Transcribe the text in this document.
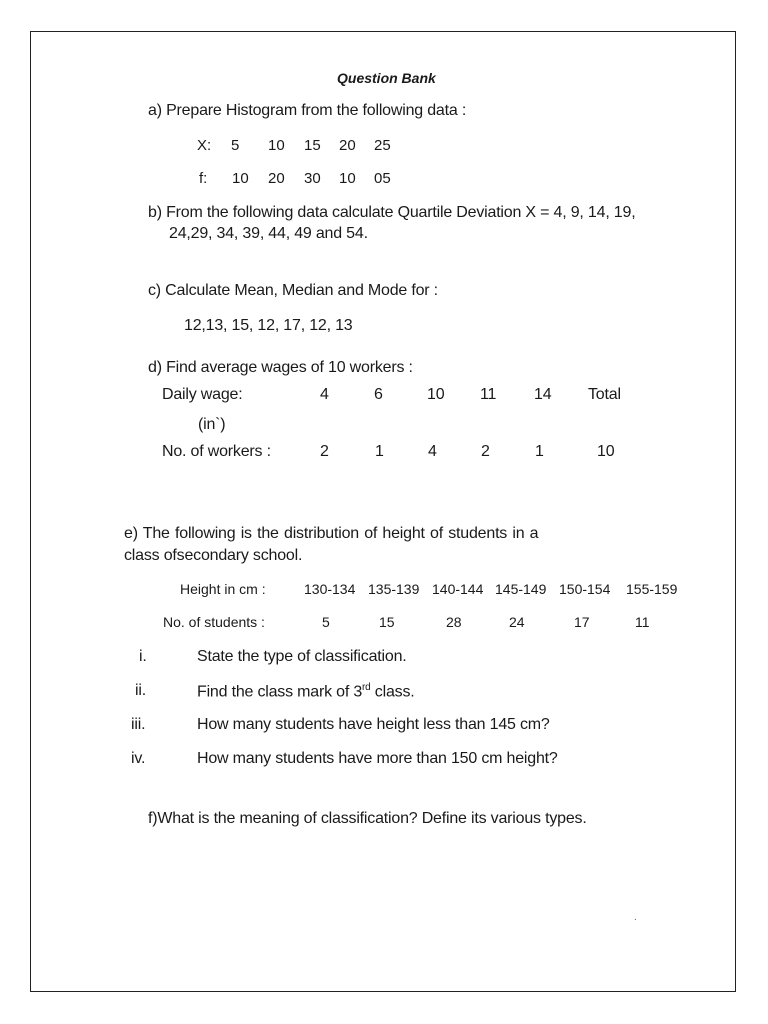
Question Bank
a) Prepare Histogram from the following data :
X: 5 10 15 20 25
f: 10 20 30 10 05
b) From the following data calculate Quartile Deviation X = 4, 9, 14, 19,
24,29, 34, 39, 44, 49 and 54.
c) Calculate Mean, Median and Mode for :
12,13, 15, 12, 17, 12, 13
d) Find average wages of 10 workers :
Daily wage:	4	6	10 11 14 Total
(in`)
No. of workers :	2	1	4	2	1	10
e) The following is the distribution of height of students in a
class ofsecondary school.
Height in cm :	130-134 135-139 140-144 145-149 150-154 155-159
No. of students :	5	15	28	24	17	11
i.	State the type of classification.
ii.	Find the class mark of 3rd class.
iii.	How many students have height less than 145 cm?
iv.	How many students have more than 150 cm height?
f)What is the meaning of classification? Define its various types.
.
